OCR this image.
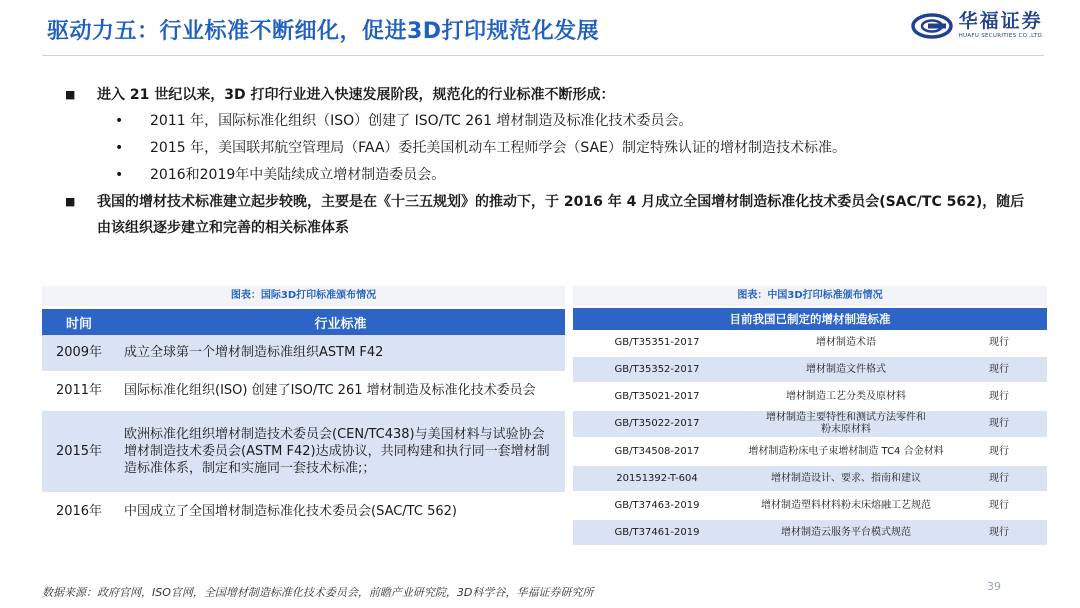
驱动力五：行业标准不断细化，促进3D打印规范化发展	华福证券
HUAFU SECURITIES CO.,LTD.
■	进入 21 世纪以来，3D 打印行业进入快速发展阶段，规范化的行业标准不断形成：
•	2011 年，国际标准化组织（ISO）创建了 ISO/TC 261 增材制造及标准化技术委员会。
•	2015 年，美国联邦航空管理局（FAA）委托美国机动车工程师学会（SAE）制定特殊认证的增材制造技术标准。
•	2016和2019年中美陆续成立增材制造委员会。
■	我国的增材技术标准建立起步较晚，主要是在《十三五规划》的推动下，于 2016 年 4 月成立全国增材制造标准化技术委员会(SAC/TC 562)，随后由该组织逐步建立和完善的相关标准体系
图表：国际3D打印标准颁布情况
时间	行业标准
2009年	成立全球第一个增材制造标准组织ASTM F42
2011年	国际标准化组织(ISO) 创建了ISO/TC 261 增材制造及标准化技术委员会
2015年	欧洲标准化组织增材制造技术委员会(CEN/TC438)与美国材料与试验协会增材制造技术委员会(ASTM F42)达成协议，共同构建和执行同一套增材制造标准体系，制定和实施同一套技术标准;；
2016年	中国成立了全国增材制造标准化技术委员会(SAC/TC 562)
图表：中国3D打印标准颁布情况
目前我国已制定的增材制造标准		
GB/T35351-2017	增材制造术语	现行
GB/T35352-2017	增材制造文件格式	现行
GB/T35021-2017	增材制造工艺分类及原材料	现行
GB/T35022-2017	增材制造主要特性和测试方法零件和粉末原材料	现行
GB/T34508-2017	增材制造粉床电子束增材制造 TC4 合金材料	现行
20151392-T-604	增材制造设计、要求、指南和建议	现行
GB/T37463-2019	增材制造塑料材料粉末床熔融工艺规范	现行
GB/T37461-2019	增材制造云服务平台模式规范	现行
数据来源：政府官网，ISO官网，全国增材制造标准化技术委员会，前瞻产业研究院，3D科学谷，华福证券研究所	39
